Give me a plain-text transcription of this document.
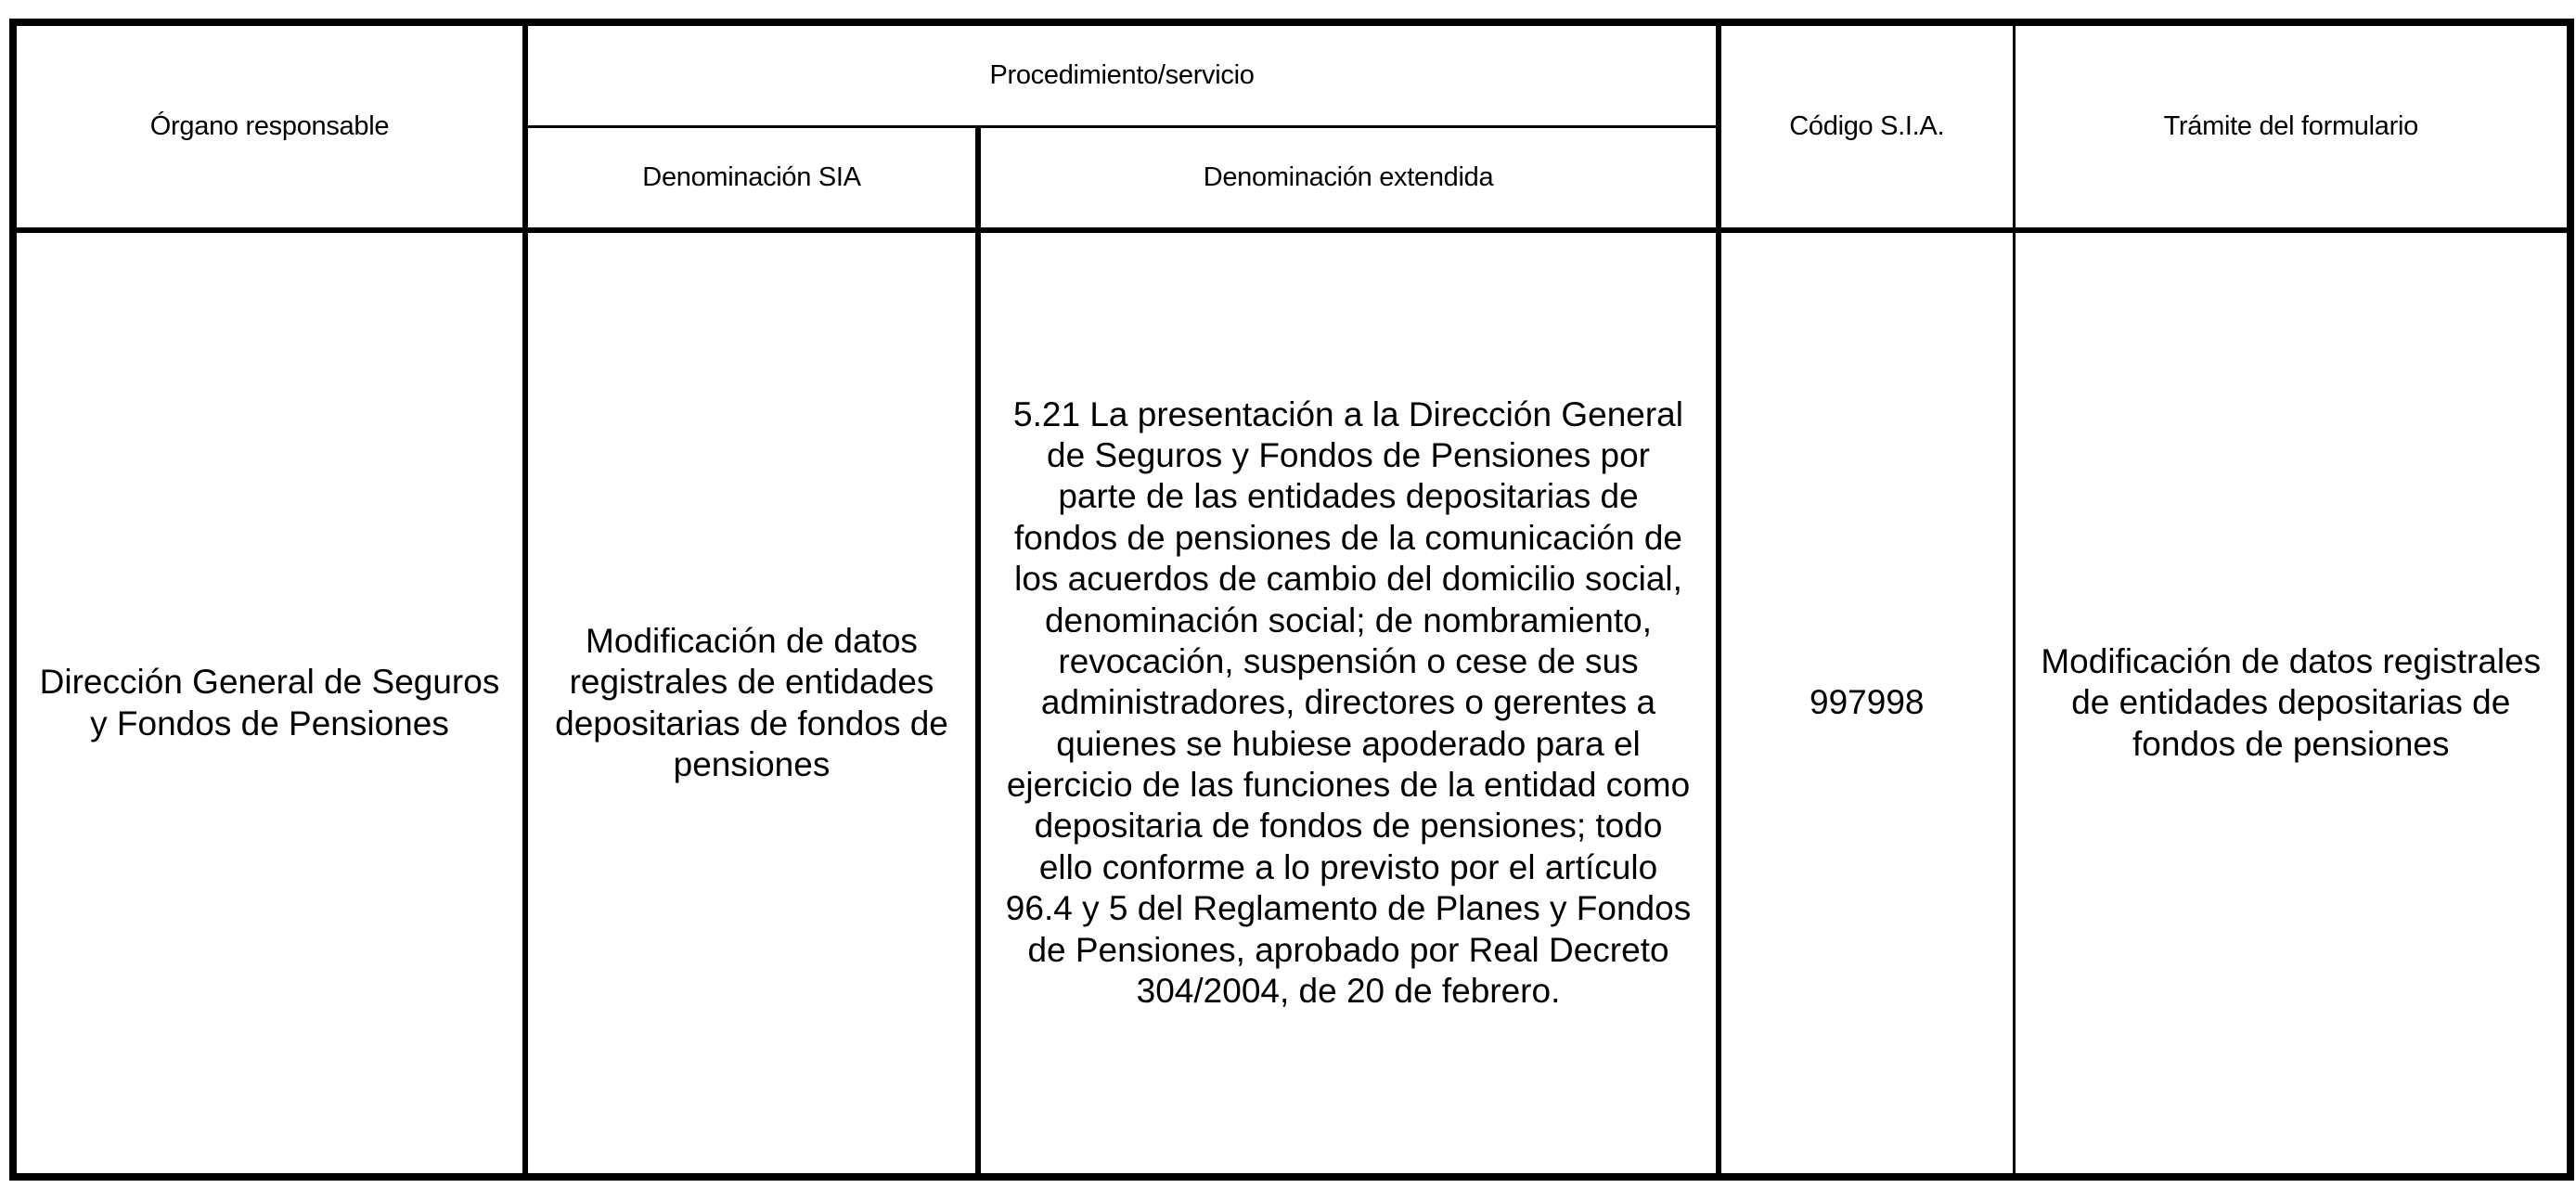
Órgano responsable	Procedimiento/servicio		Código S.I.A.	Trámite del formulario
	Denominación SIA	Denominación extendida		
Dirección General de Seguros y Fondos de Pensiones	Modificación de datos registrales de entidades depositarias de fondos de pensiones	5.21 La presentación a la Dirección General de Seguros y Fondos de Pensiones por parte de las entidades depositarias de fondos de pensiones de la comunicación de los acuerdos de cambio del domicilio social, denominación social; de nombramiento, revocación, suspensión o cese de sus administradores, directores o gerentes a quienes se hubiese apoderado para el ejercicio de las funciones de la entidad como depositaria de fondos de pensiones; todo ello conforme a lo previsto por el artículo 96.4 y 5 del Reglamento de Planes y Fondos de Pensiones, aprobado por Real Decreto 304/2004, de 20 de febrero.	997998	Modificación de datos registrales de entidades depositarias de fondos de pensiones
